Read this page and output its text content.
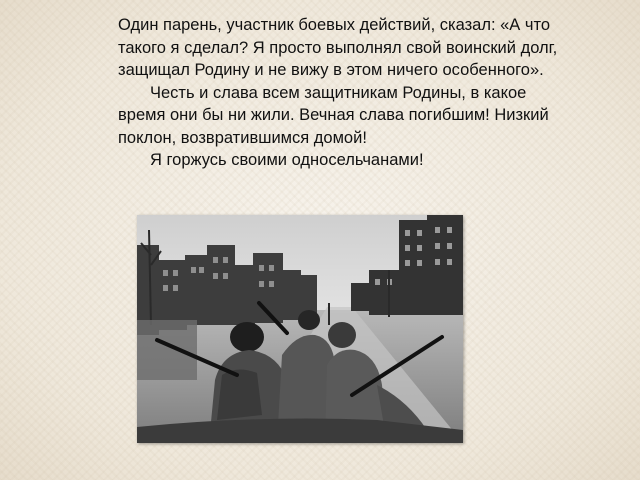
Один парень, участник боевых действий, сказал: «А что такого я сделал? Я просто выполнял свой воинский долг, защищал Родину и не вижу в этом ничего особенного».

Честь и слава всем защитникам Родины, в какое время они бы ни жили. Вечная слава погибшим! Низкий поклон, возвратившимся домой!

Я горжусь своими односельчанами!
